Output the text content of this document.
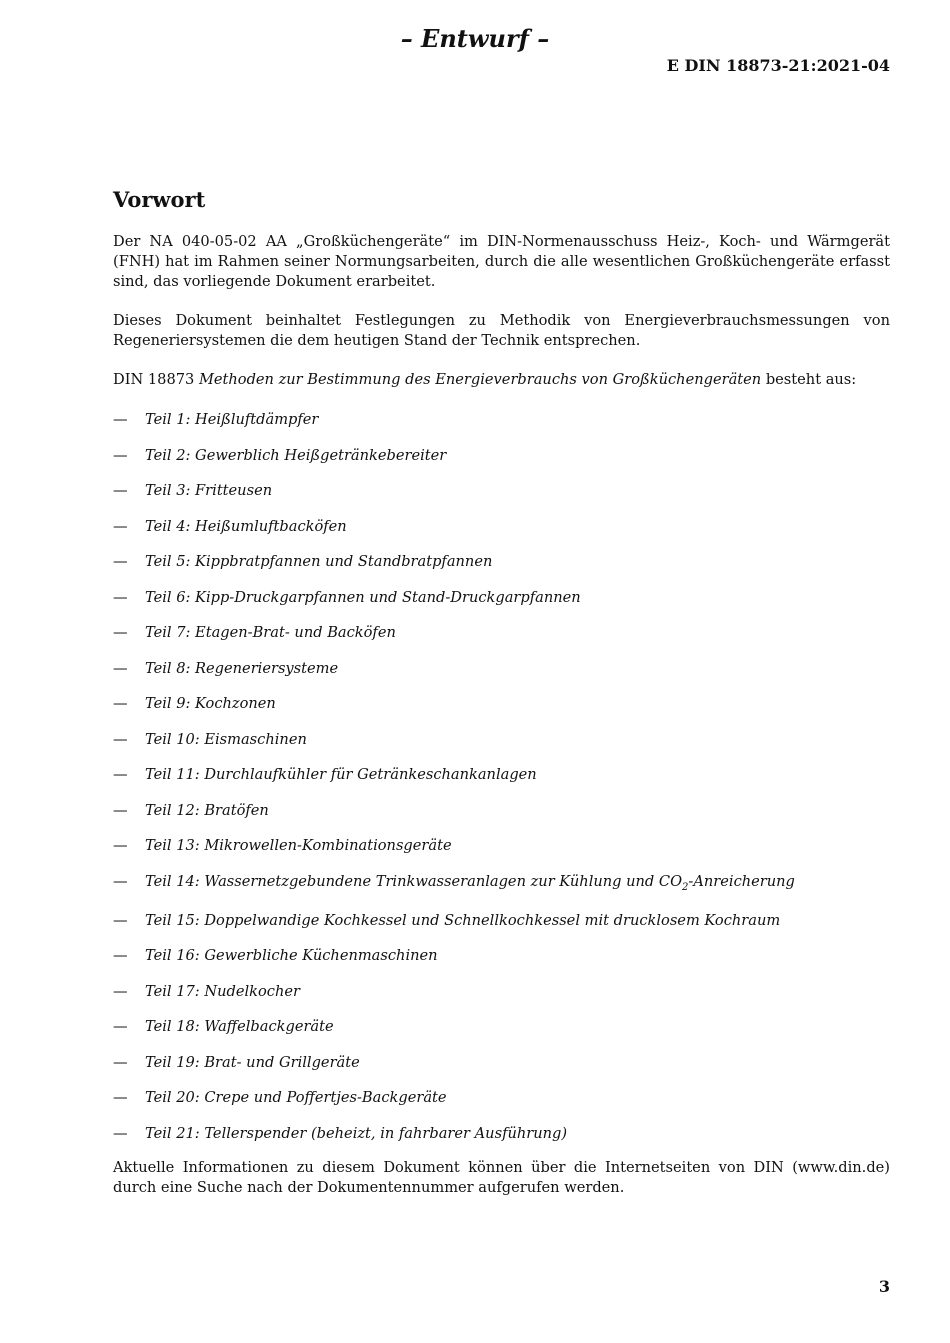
– Entwurf –
E DIN 18873-21:2021-04
Vorwort

Der NA 040-05-02 AA „Großküchengeräte“ im DIN-Normenausschuss Heiz-, Koch- und Wärmgerät (FNH) hat im Rahmen seiner Normungsarbeiten, durch die alle wesentlichen Großküchengeräte erfasst sind, das vorliegende Dokument erarbeitet.

Dieses Dokument beinhaltet Festlegungen zu Methodik von Energieverbrauchsmessungen von Regeneriersystemen die dem heutigen Stand der Technik entsprechen.

DIN 18873 Methoden zur Bestimmung des Energieverbrauchs von Großküchengeräten besteht aus:

—	Teil 1: Heißluftdämpfer
—	Teil 2: Gewerblich Heißgetränkebereiter
—	Teil 3: Fritteusen
—	Teil 4: Heißumluftbacköfen
—	Teil 5: Kippbratpfannen und Standbratpfannen
—	Teil 6: Kipp-Druckgarpfannen und Stand-Druckgarpfannen
—	Teil 7: Etagen-Brat- und Backöfen
—	Teil 8: Regeneriersysteme
—	Teil 9: Kochzonen
—	Teil 10: Eismaschinen
—	Teil 11: Durchlaufkühler für Getränkeschankanlagen
—	Teil 12: Bratöfen
—	Teil 13: Mikrowellen-Kombinationsgeräte
—	Teil 14: Wassernetzgebundene Trinkwasseranlagen zur Kühlung und $CO_2$-Anreicherung
—	Teil 15: Doppelwandige Kochkessel und Schnellkochkessel mit drucklosem Kochraum
—	Teil 16: Gewerbliche Küchenmaschinen
—	Teil 17: Nudelkocher
—	Teil 18: Waffelbackgeräte
—	Teil 19: Brat- und Grillgeräte
—	Teil 20: Crepe und Poffertjes-Backgeräte
—	Teil 21: Tellerspender (beheizt, in fahrbarer Ausführung)

Aktuelle Informationen zu diesem Dokument können über die Internetseiten von DIN (www.din.de) durch eine Suche nach der Dokumentennummer aufgerufen werden.

3
